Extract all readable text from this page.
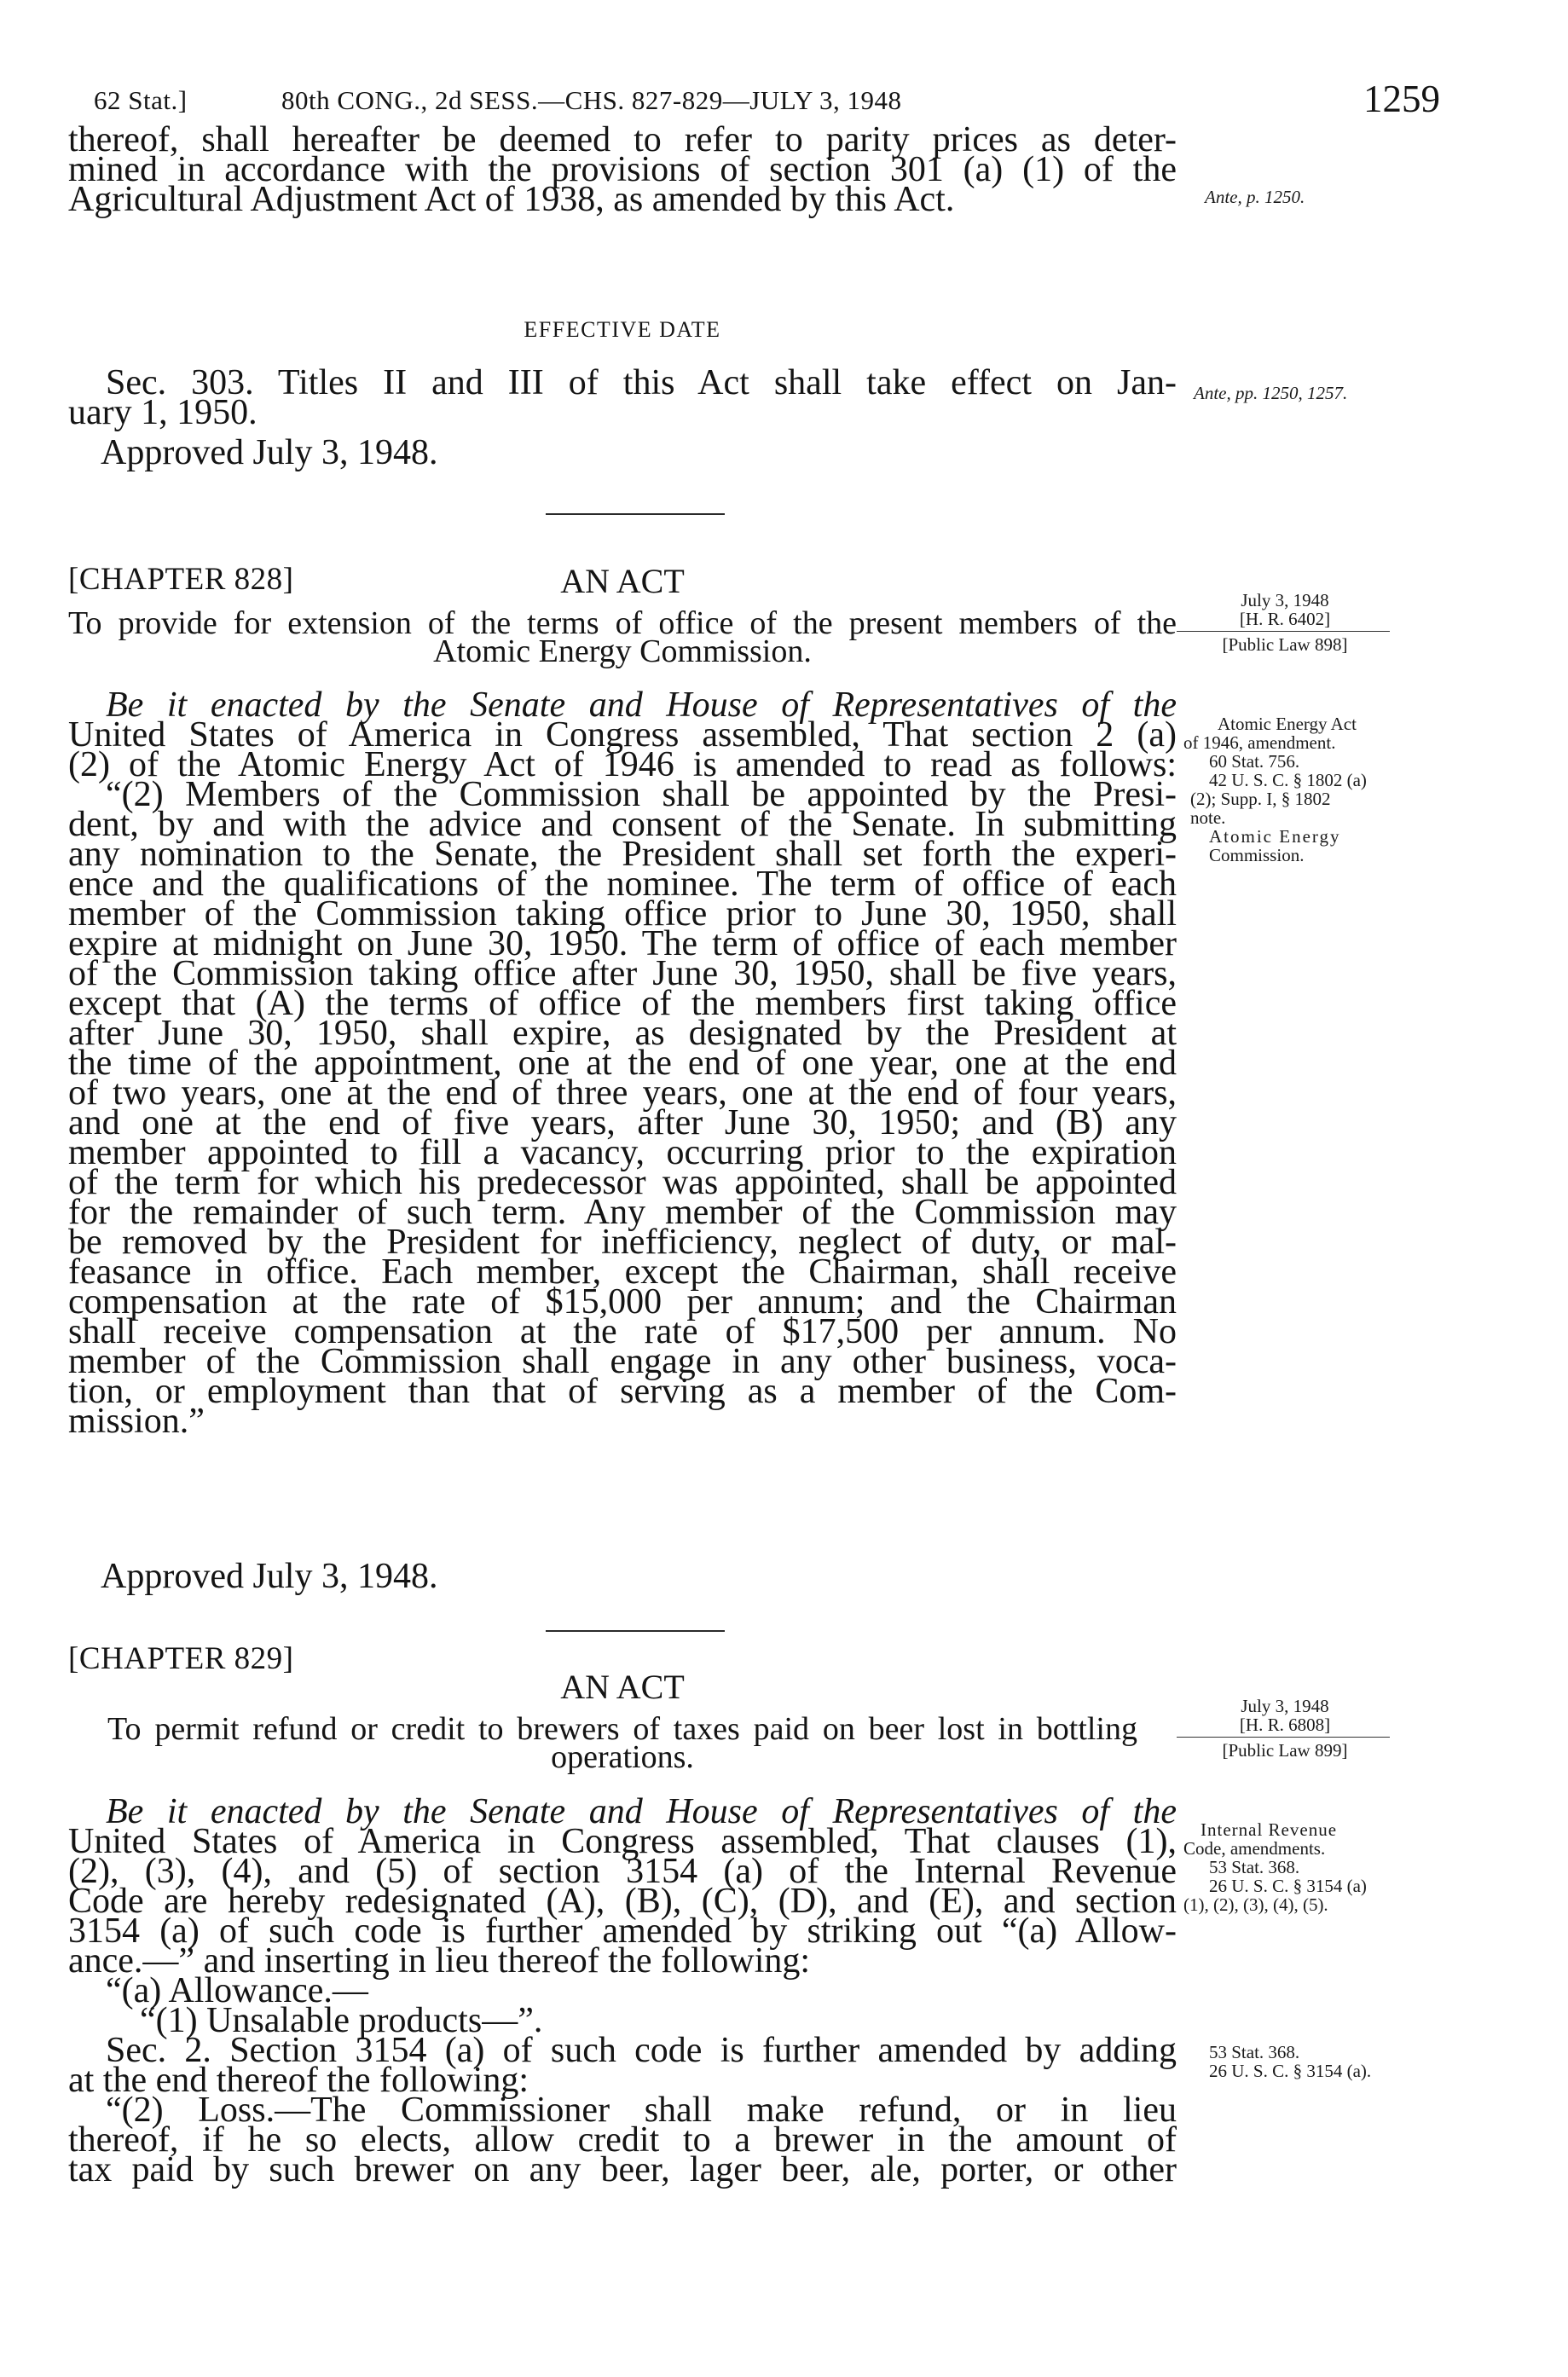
62 Stat.]	80th CONG., 2d SESS.—CHS. 827-829—JULY 3, 1948	1259
thereof, shall hereafter be deemed to refer to parity prices as deter-
mined in accordance with the provisions of section 301 (a) (1) of the
Agricultural Adjustment Act of 1938, as amended by this Act.	Ante, p. 1250.
EFFECTIVE DATE
Sec. 303. Titles II and III of this Act shall take effect on Jan-
uary 1, 1950.	Ante, pp. 1250, 1257.
Approved July 3, 1948.
[CHAPTER 828]	AN ACT
To provide for extension of the terms of office of the present members of the
Atomic Energy Commission.
July 3, 1948
[H. R. 6402]
[Public Law 898]
Be it enacted by the Senate and House of Representatives of the
United States of America in Congress assembled, That section 2 (a)
(2) of the Atomic Energy Act of 1946 is amended to read as follows:
“(2) Members of the Commission shall be appointed by the Presi-
dent, by and with the advice and consent of the Senate. In submitting
any nomination to the Senate, the President shall set forth the experi-
ence and the qualifications of the nominee. The term of office of each
member of the Commission taking office prior to June 30, 1950, shall
expire at midnight on June 30, 1950. The term of office of each member
of the Commission taking office after June 30, 1950, shall be five years,
except that (A) the terms of office of the members first taking office
after June 30, 1950, shall expire, as designated by the President at
the time of the appointment, one at the end of one year, one at the end
of two years, one at the end of three years, one at the end of four years,
and one at the end of five years, after June 30, 1950; and (B) any
member appointed to fill a vacancy, occurring prior to the expiration
of the term for which his predecessor was appointed, shall be appointed
for the remainder of such term. Any member of the Commission may
be removed by the President for inefficiency, neglect of duty, or mal-
feasance in office. Each member, except the Chairman, shall receive
compensation at the rate of $15,000 per annum; and the Chairman
shall receive compensation at the rate of $17,500 per annum. No
member of the Commission shall engage in any other business, voca-
tion, or employment than that of serving as a member of the Com-
mission.”
Atomic Energy Act
of 1946, amendment.
60 Stat. 756.
42 U. S. C. § 1802 (a)
(2); Supp. I, § 1802
note.
Atomic Energy
Commission.
Approved July 3, 1948.
[CHAPTER 829]
AN ACT
To permit refund or credit to brewers of taxes paid on beer lost in bottling
operations.
July 3, 1948
[H. R. 6808]
[Public Law 899]
Be it enacted by the Senate and House of Representatives of the
United States of America in Congress assembled, That clauses (1),
(2), (3), (4), and (5) of section 3154 (a) of the Internal Revenue
Code are hereby redesignated (A), (B), (C), (D), and (E), and section
3154 (a) of such code is further amended by striking out “(a) Allow-
ance.—” and inserting in lieu thereof the following:
“(a) Allowance.—
“(1) Unsalable products—”.
Sec. 2. Section 3154 (a) of such code is further amended by adding
at the end thereof the following:
“(2) Loss.—The Commissioner shall make refund, or in lieu
thereof, if he so elects, allow credit to a brewer in the amount of
tax paid by such brewer on any beer, lager beer, ale, porter, or other
Internal Revenue
Code, amendments.
53 Stat. 368.
26 U. S. C. § 3154 (a)
(1), (2), (3), (4), (5).
53 Stat. 368.
26 U. S. C. § 3154 (a).
